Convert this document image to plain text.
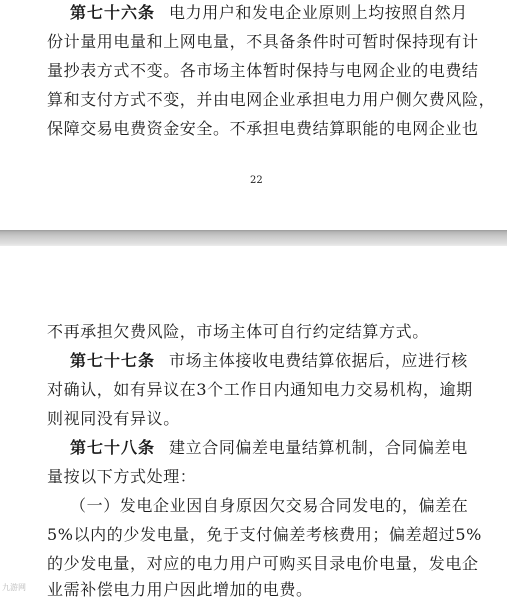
第七十六条 电力用户和发电企业原则上均按照自然月
份计量用电量和上网电量，不具备条件时可暂时保持现有计
量抄表方式不变。各市场主体暂时保持与电网企业的电费结
算和支付方式不变，并由电网企业承担电力用户侧欠费风险，
保障交易电费资金安全。不承担电费结算职能的电网企业也
22
不再承担欠费风险，市场主体可自行约定结算方式。
第七十七条 市场主体接收电费结算依据后，应进行核
对确认，如有异议在3个工作日内通知电力交易机构，逾期
则视同没有异议。
第七十八条 建立合同偏差电量结算机制，合同偏差电
量按以下方式处理：
（一）发电企业因自身原因欠交易合同发电的，偏差在
5%以内的少发电量，免于支付偏差考核费用；偏差超过5%
的少发电量，对应的电力用户可购买目录电价电量，发电企
业需补偿电力用户因此增加的电费。
九游网
